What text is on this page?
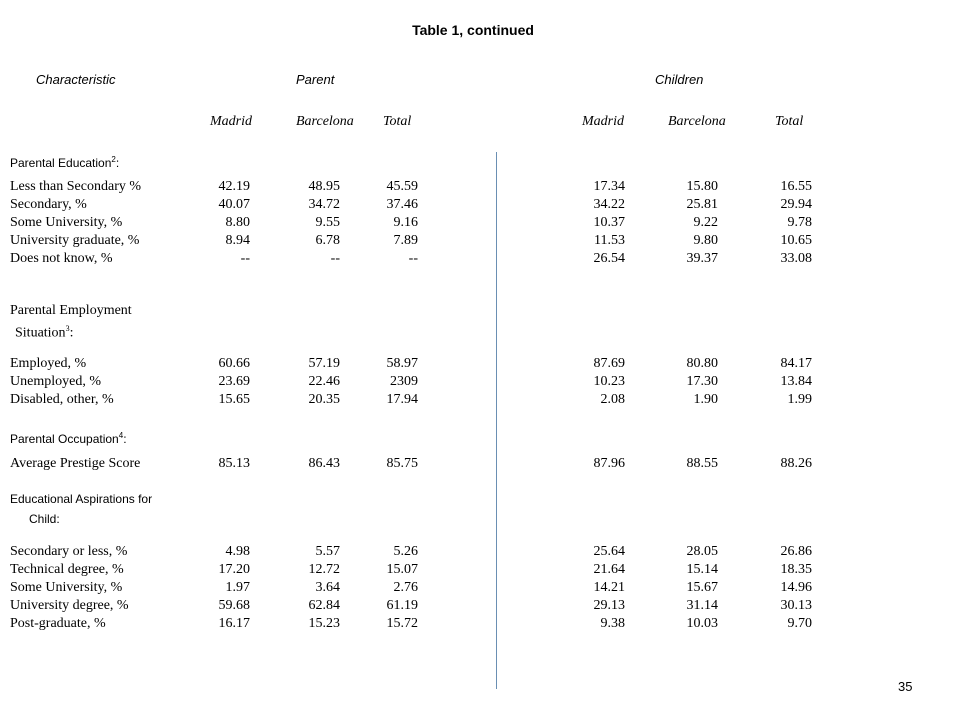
Table 1, continued
Characteristic	Parent	Children
Madrid	Barcelona Total	Madrid	Barcelona	Total
Parental Education$^2$:
Less than Secondary %	42.19	48.95	45.59	17.34	15.80	16.55
Secondary, %	40.07	34.72	37.46	34.22	25.81	29.94
Some University, %	8.80	9.55	9.16	10.37	9.22	9.78
University graduate, %	8.94	6.78	7.89	11.53	9.80	10.65
Does not know, %	--	--	--	26.54	39.37	33.08
Parental Employment
Situation$^3$:
Employed, %	60.66	57.19	58.97	87.69	80.80	84.17
Unemployed, %	23.69	22.46	2309	10.23	17.30	13.84
Disabled, other, %	15.65	20.35	17.94	2.08	1.90	1.99
Parental Occupation$^4$:
Average Prestige Score	85.13	86.43	85.75	87.96	88.55	88.26
Educational Aspirations for
Child:
Secondary or less, %	4.98	5.57	5.26	25.64	28.05	26.86
Technical degree, %	17.20	12.72	15.07	21.64	15.14	18.35
Some University, %	1.97	3.64	2.76	14.21	15.67	14.96
University degree, %	59.68	62.84	61.19	29.13	31.14	30.13
Post-graduate, %	16.17	15.23	15.72	9.38	10.03	9.70
35
